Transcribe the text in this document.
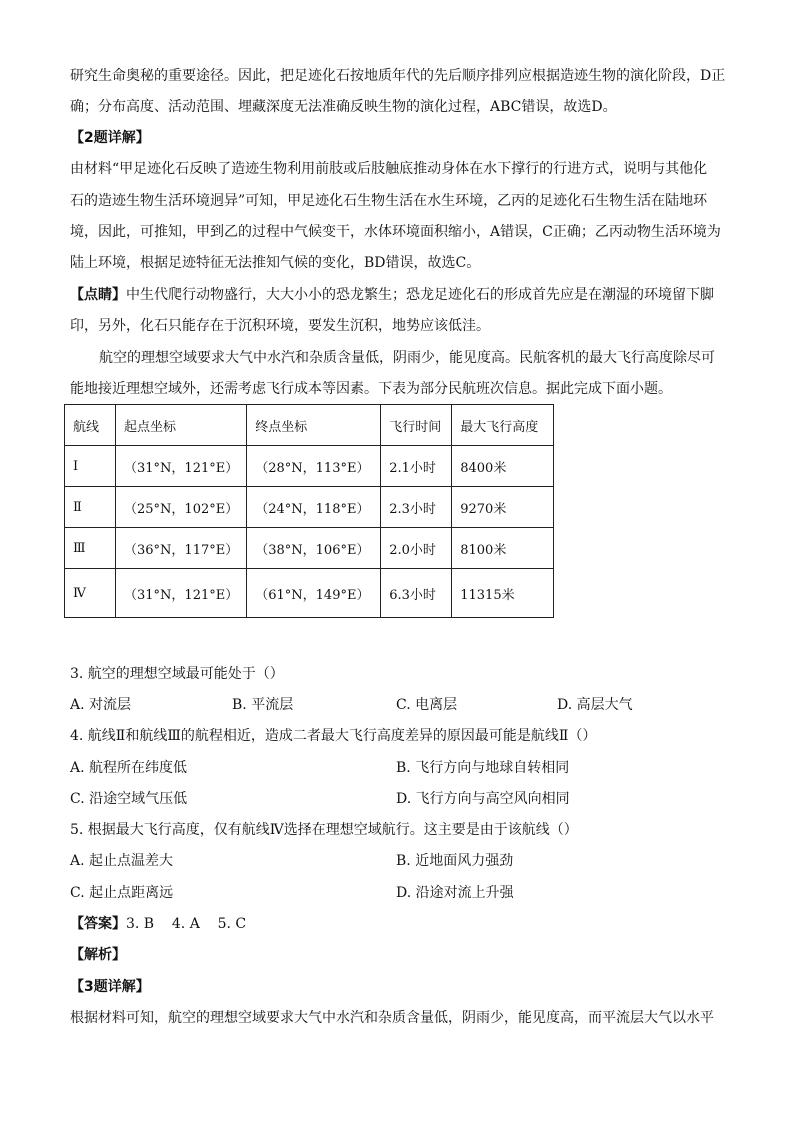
研究生命奥秘的重要途径。因此，把足迹化石按地质年代的先后顺序排列应根据造迹生物的演化阶段，D正
确；分布高度、活动范围、埋藏深度无法准确反映生物的演化过程，ABC错误，故选D。
【2题详解】
由材料“甲足迹化石反映了造迹生物利用前肢或后肢触底推动身体在水下撑行的行进方式，说明与其他化
石的造迹生物生活环境迥异”可知，甲足迹化石生物生活在水生环境，乙丙的足迹化石生物生活在陆地环
境，因此，可推知，甲到乙的过程中气候变干，水体环境面积缩小，A错误，C正确；乙丙动物生活环境为
陆上环境，根据足迹特征无法推知气候的变化，BD错误，故选C。
【点睛】中生代爬行动物盛行，大大小小的恐龙繁生；恐龙足迹化石的形成首先应是在潮湿的环境留下脚
印，另外，化石只能存在于沉积环境，要发生沉积，地势应该低洼。
航空的理想空域要求大气中水汽和杂质含量低，阴雨少，能见度高。民航客机的最大飞行高度除尽可
能地接近理想空域外，还需考虑飞行成本等因素。下表为部分民航班次信息。据此完成下面小题。
航线	起点坐标	终点坐标	飞行时间	最大飞行高度
Ⅰ	（31°N，121°E）	（28°N，113°E）	2.1小时	8400米
Ⅱ	（25°N，102°E）	（24°N，118°E）	2.3小时	9270米
Ⅲ	（36°N，117°E）	（38°N，106°E）	2.0小时	8100米
Ⅳ	（31°N，121°E）	（61°N，149°E）	6.3小时	11315米
3. 航空的理想空域最可能处于（）
A. 对流层	B. 平流层	C. 电离层	D. 高层大气
4. 航线Ⅱ和航线Ⅲ的航程相近，造成二者最大飞行高度差异的原因最可能是航线Ⅱ（）
A. 航程所在纬度低	B. 飞行方向与地球自转相同
C. 沿途空域气压低	D. 飞行方向与高空风向相同
5. 根据最大飞行高度，仅有航线Ⅳ选择在理想空域航行。这主要是由于该航线（）
A. 起止点温差大	B. 近地面风力强劲
C. 起止点距离远	D. 沿途对流上升强
【答案】3. B    4. A    5. C
【解析】
【3题详解】
根据材料可知，航空的理想空域要求大气中水汽和杂质含量低，阴雨少，能见度高，而平流层大气以水平
